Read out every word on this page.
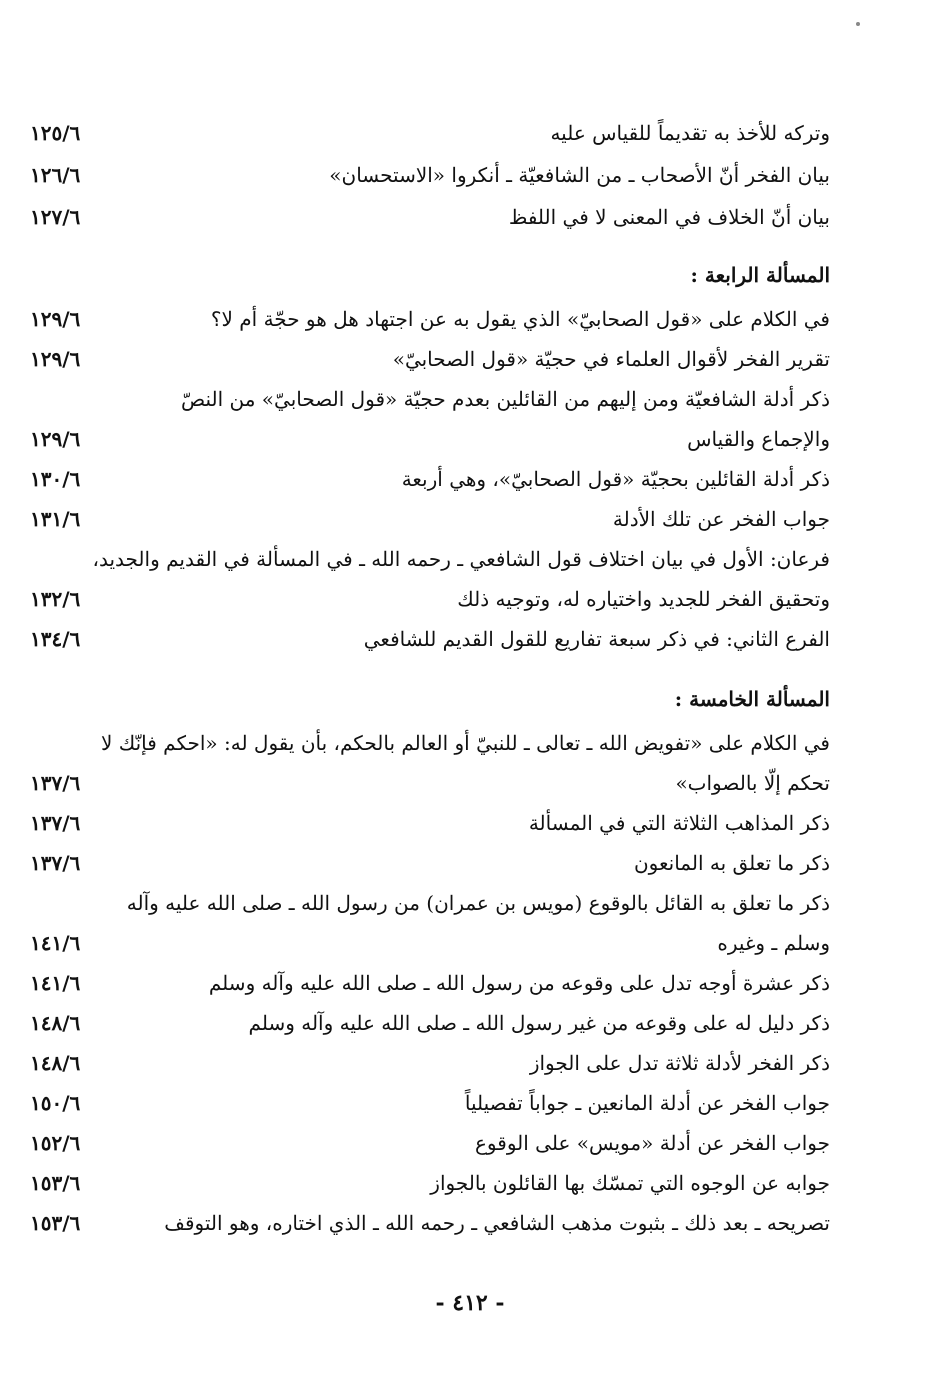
وتركه للأخذ به تقديماً للقياس عليه
١٢٥/٦
بيان الفخر أنّ الأصحاب ـ من الشافعيّة ـ أنكروا «الاستحسان»
١٢٦/٦
بيان أنّ الخلاف في المعنى لا في اللفظ
١٢٧/٦
المسألة الرابعة :
في الكلام على «قول الصحابيّ» الذي يقول به عن اجتهاد هل هو حجّة أم لا؟
١٢٩/٦
تقرير الفخر لأقوال العلماء في حجيّة «قول الصحابيّ»
١٢٩/٦
ذكر أدلة الشافعيّة ومن إليهم من القائلين بعدم حجيّة «قول الصحابيّ» من النصّ
والإجماع والقياس
١٢٩/٦
ذكر أدلة القائلين بحجيّة «قول الصحابيّ»، وهي أربعة
١٣٠/٦
جواب الفخر عن تلك الأدلة
١٣١/٦
فرعان: الأول في بيان اختلاف قول الشافعي ـ رحمه الله ـ في المسألة في القديم والجديد،
وتحقيق الفخر للجديد واختياره له، وتوجيه ذلك
١٣٢/٦
الفرع الثاني: في ذكر سبعة تفاريع للقول القديم للشافعي
١٣٤/٦
المسألة الخامسة :
في الكلام على «تفويض الله ـ تعالى ـ للنبيّ أو العالم بالحكم، بأن يقول له: «احكم فإنّك لا
تحكم إلّا بالصواب»
١٣٧/٦
ذكر المذاهب الثلاثة التي في المسألة
١٣٧/٦
ذكر ما تعلق به المانعون
١٣٧/٦
ذكر ما تعلق به القائل بالوقوع (مويس بن عمران) من رسول الله ـ صلى الله عليه وآله
وسلم ـ وغيره
١٤١/٦
ذكر عشرة أوجه تدل على وقوعه من رسول الله ـ صلى الله عليه وآله وسلم
١٤١/٦
ذكر دليل له على وقوعه من غير رسول الله ـ صلى الله عليه وآله وسلم
١٤٨/٦
ذكر الفخر لأدلة ثلاثة تدل على الجواز
١٤٨/٦
جواب الفخر عن أدلة المانعين ـ جواباً تفصيلياً
١٥٠/٦
جواب الفخر عن أدلة «مويس» على الوقوع
١٥٢/٦
جوابه عن الوجوه التي تمسّك بها القائلون بالجواز
١٥٣/٦
تصريحه ـ بعد ذلك ـ بثبوت مذهب الشافعي ـ رحمه الله ـ الذي اختاره، وهو التوقف
١٥٣/٦
- ٤١٢ -
